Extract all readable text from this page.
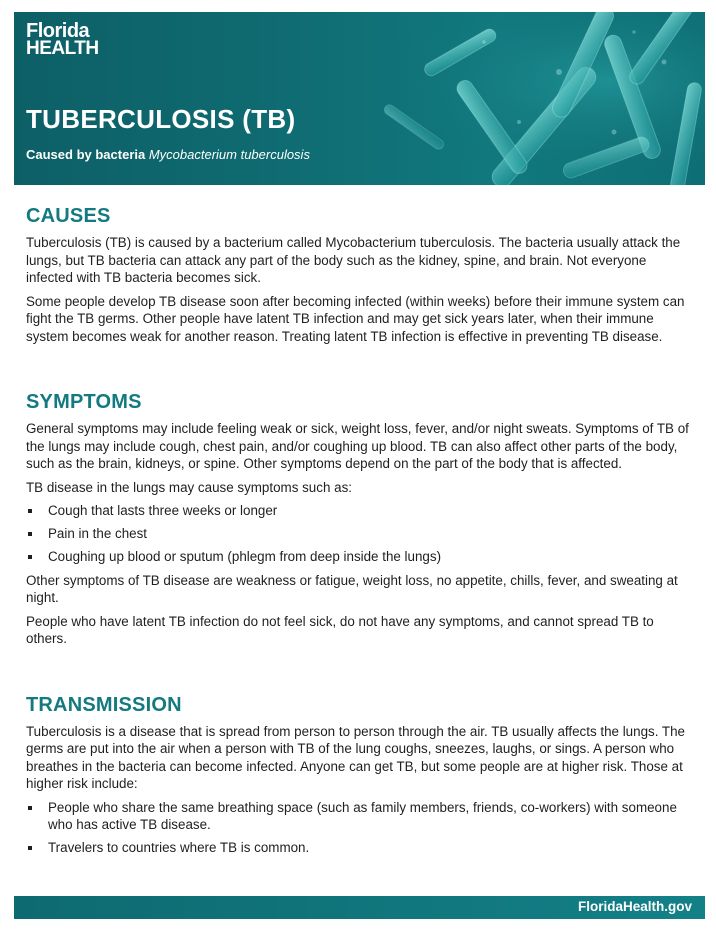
Florida
HEALTH
TUBERCULOSIS (TB)
Caused by bacteria Mycobacterium tuberculosis
CAUSES

Tuberculosis (TB) is caused by a bacterium called Mycobacterium tuberculosis. The bacteria usually attack the lungs, but TB bacteria can attack any part of the body such as the kidney, spine, and brain. Not everyone infected with TB bacteria becomes sick.

Some people develop TB disease soon after becoming infected (within weeks) before their immune system can fight the TB germs. Other people have latent TB infection and may get sick years later, when their immune system becomes weak for another reason. Treating latent TB infection is effective in preventing TB disease.

SYMPTOMS

General symptoms may include feeling weak or sick, weight loss, fever, and/or night sweats. Symptoms of TB of the lungs may include cough, chest pain, and/or coughing up blood. TB can also affect other parts of the body, such as the brain, kidneys, or spine. Other symptoms depend on the part of the body that is affected.

TB disease in the lungs may cause symptoms such as:

Cough that lasts three weeks or longer
Pain in the chest
Coughing up blood or sputum (phlegm from deep inside the lungs)

Other symptoms of TB disease are weakness or fatigue, weight loss, no appetite, chills, fever, and sweating at night.

People who have latent TB infection do not feel sick, do not have any symptoms, and cannot spread TB to others.

TRANSMISSION

Tuberculosis is a disease that is spread from person to person through the air. TB usually affects the lungs. The germs are put into the air when a person with TB of the lung coughs, sneezes, laughs, or sings. A person who breathes in the bacteria can become infected. Anyone can get TB, but some people are at higher risk. Those at higher risk include:

People who share the same breathing space (such as family members, friends, co-workers) with someone who has active TB disease.
Travelers to countries where TB is common.
FloridaHealth.gov
